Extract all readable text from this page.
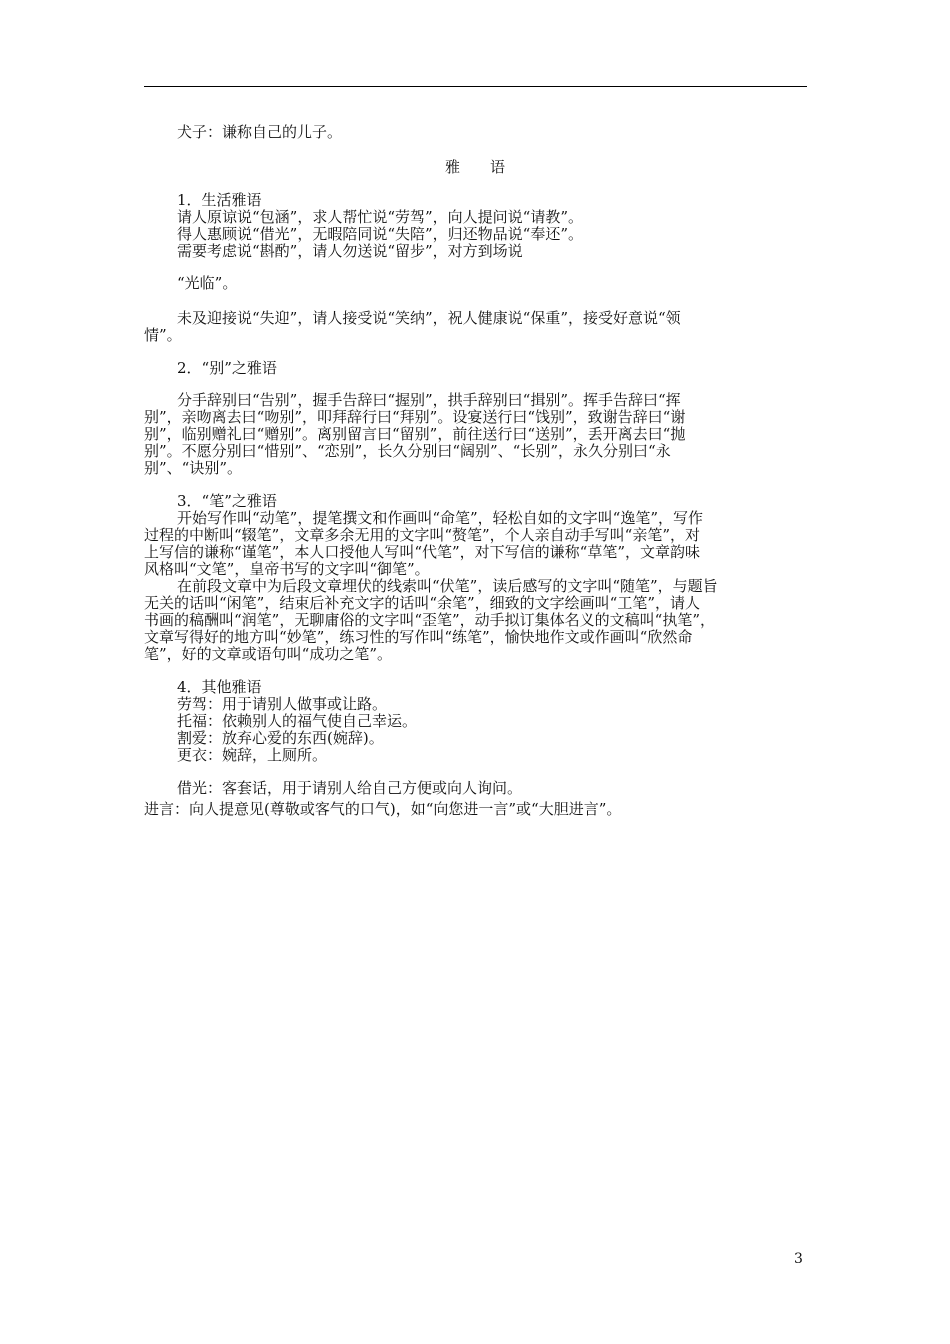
犬子：谦称自己的儿子。
雅　　语
1．生活雅语
请人原谅说“包涵”，求人帮忙说“劳驾”，向人提问说“请教”。
得人惠顾说“借光”，无暇陪同说“失陪”，归还物品说“奉还”。
需要考虑说“斟酌”，请人勿送说“留步”，对方到场说
“光临”。
未及迎接说“失迎”，请人接受说“笑纳”，祝人健康说“保重”，接受好意说“领
情”。
2．“别”之雅语
分手辞别曰“告别”，握手告辞曰“握别”，拱手辞别曰“揖别”。挥手告辞曰“挥
别”，亲吻离去曰“吻别”，叩拜辞行曰“拜别”。设宴送行曰“饯别”，致谢告辞曰“谢
别”，临别赠礼曰“赠别”。离别留言曰“留别”，前往送行曰“送别”，丢开离去曰“抛
别”。不愿分别曰“惜别”、“恋别”，长久分别曰“阔别”、“长别”，永久分别曰“永
别”、“诀别”。
3．“笔”之雅语
开始写作叫“动笔”，提笔撰文和作画叫“命笔”，轻松自如的文字叫“逸笔”，写作
过程的中断叫“辍笔”，文章多余无用的文字叫“赘笔”，个人亲自动手写叫“亲笔”，对
上写信的谦称“谨笔”，本人口授他人写叫“代笔”，对下写信的谦称“草笔”，文章韵味
风格叫“文笔”，皇帝书写的文字叫“御笔”。
在前段文章中为后段文章埋伏的线索叫“伏笔”，读后感写的文字叫“随笔”，与题旨
无关的话叫“闲笔”，结束后补充文字的话叫“余笔”，细致的文字绘画叫“工笔”，请人
书画的稿酬叫“润笔”，无聊庸俗的文字叫“歪笔”，动手拟订集体名义的文稿叫“执笔”，
文章写得好的地方叫“妙笔”，练习性的写作叫“练笔”，愉快地作文或作画叫“欣然命
笔”，好的文章或语句叫“成功之笔”。
4．其他雅语
劳驾：用于请别人做事或让路。
托福：依赖别人的福气使自己幸运。
割爱：放弃心爱的东西(婉辞)。
更衣：婉辞，上厕所。
借光：客套话，用于请别人给自己方便或向人询问。
进言：向人提意见(尊敬或客气的口气)，如“向您进一言”或“大胆进言”。
3
